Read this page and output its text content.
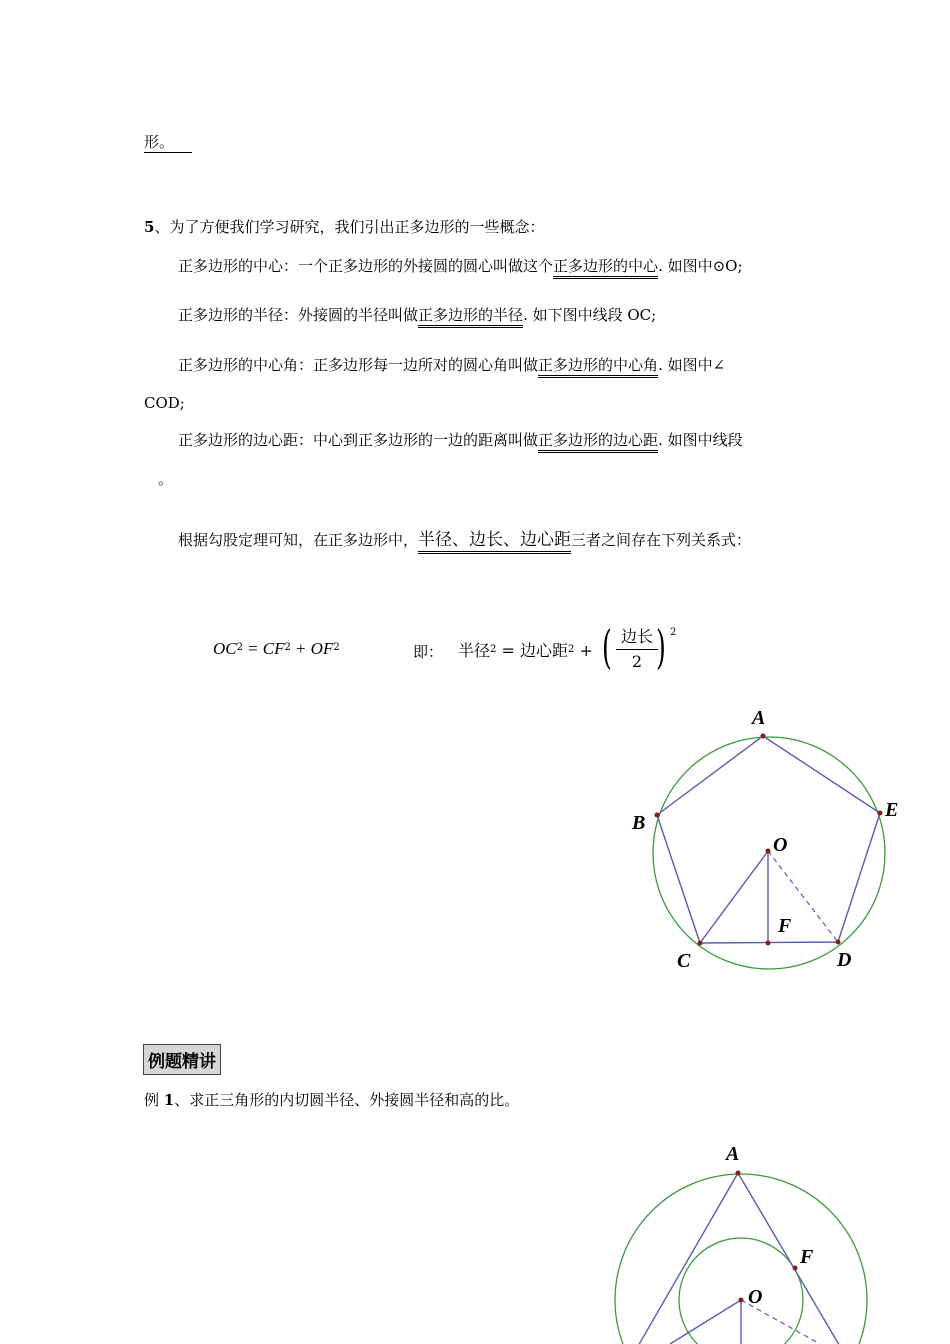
形。
5、为了方便我们学习研究，我们引出正多边形的一些概念：
正多边形的中心：一个正多边形的外接圆的圆心叫做这个正多边形的中心. 如图中⊙O;
正多边形的半径：外接圆的半径叫做正多边形的半径. 如下图中线段 OC;
正多边形的中心角：正多边形每一边所对的圆心角叫做正多边形的中心角. 如图中∠
COD;
正多边形的边心距：中心到正多边形的一边的距离叫做正多边形的边心距. 如图中线段
。
根据勾股定理可知，在正多边形中，半径、边长、边心距三者之间存在下列关系式：
$OC^2 = CF^2 + OF^2$	即： 半径$^2$ = 边心距$^2$ + ( 边长
2 ) 2
A
B
C	D
E
O
F
例题精讲
例 1、求正三角形的内切圆半径、外接圆半径和高的比。
A
F
O
